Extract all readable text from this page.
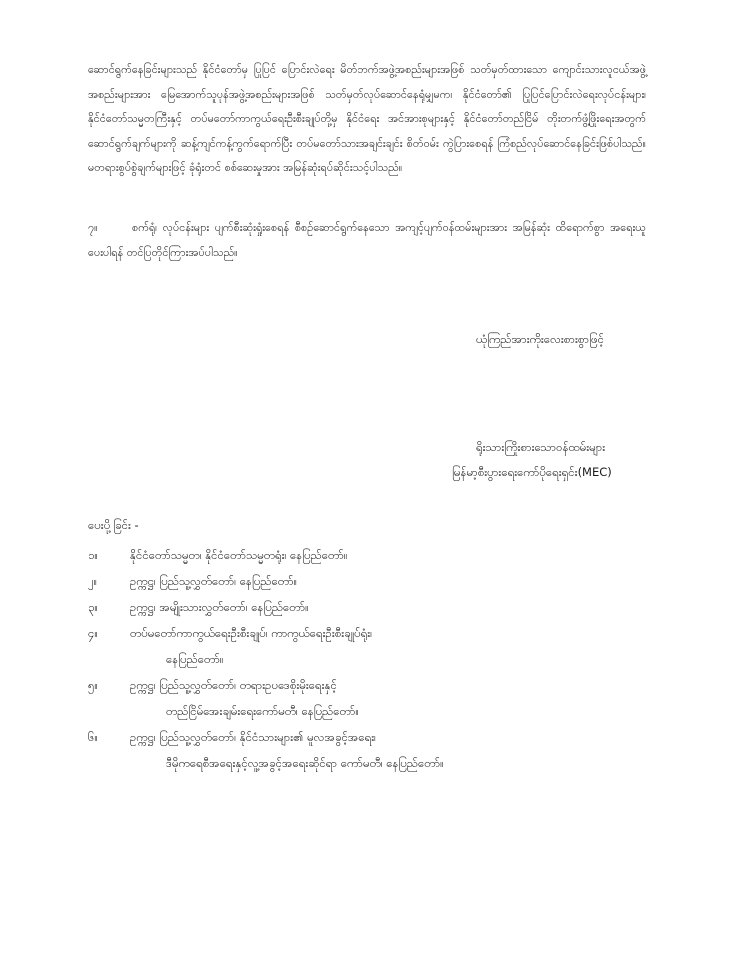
ဆောင်ရွက်နေခြင်းများသည် နိုင်ငံတော်မှ ပြုပြင် ပြောင်းလဲရေး မိတ်ဘက်အဖွဲ့အစည်းများအဖြစ် သတ်မှတ်ထားသော ကျောင်းသားလူငယ်အဖွဲ့အစည်းများအား မြေအောက်သူပုန်အဖွဲ့အစည်းများအဖြစ် သတ်မှတ်လုပ်ဆောင်နေရုံမျှမက၊ နိုင်ငံတော်၏ ပြုပြင်ပြောင်းလဲရေးလုပ်ငန်းများ၊ နိုင်ငံတော်သမ္မတကြီးနှင့် တပ်မတော်ကာကွယ်ရေးဦးစီးချုပ်တို့မှ နိုင်ငံရေး အင်အားစုများနှင့် နိုင်ငံတော်တည်ငြိမ် တိုးတက်ဖွံ့ဖြိုးရေးအတွက် ဆောင်ရွက်ချက်များကို ဆန့်ကျင်ကန့်ကွက်ရောက်ပြီး တပ်မတော်သားအချင်းချင်း စိတ်ဝမ်း ကွဲပြားစေရန် ကြံစည်လုပ်ဆောင်နေခြင်းဖြစ်ပါသည်။ မတရားစွပ်စွဲချက်များဖြင့် ခုံရုံးတင် စစ်ဆေးမှုအား အမြန်ဆုံးရပ်ဆိုင်းသင့်ပါသည်။

၇။	စက်ရုံ၊ လုပ်ငန်းများ ပျက်စီးဆုံးရှုံးစေရန် စီစဉ်ဆောင်ရွက်နေသော အကျင့်ပျက်ဝန်ထမ်းများအား အမြန်ဆုံး ထိရောက်စွာ အရေးယူပေးပါရန် တင်ပြတိုင်ကြားအပ်ပါသည်။

ယုံကြည်အားကိုးလေးစားစွာဖြင့်

ရိုးသားကြိုးစားသောဝန်ထမ်းများ

မြန်မာ့စီးပွားရေးကော်ပိုရေးရှင်း(MEC)

ပေးပို့ခြင်း -

၁။	နိုင်ငံတော်သမ္မတ၊ နိုင်ငံတော်သမ္မတရုံး၊ နေပြည်တော်။
၂။	ဥက္ကဋ္ဌ၊ ပြည်သူ့လွှတ်တော်၊ နေပြည်တော်။
၃။	ဥက္ကဋ္ဌ၊ အမျိုးသားလွှတ်တော်၊ နေပြည်တော်။
၄။	တပ်မတော်ကာကွယ်ရေးဦးစီးချုပ်၊ ကာကွယ်ရေးဦးစီးချုပ်ရုံး၊
နေပြည်တော်။
၅။	ဥက္ကဋ္ဌ၊ ပြည်သူ့လွှတ်တော်၊ တရားဥပဒေစိုးမိုးရေးနှင့်
တည်ငြိမ်အေးချမ်းရေးကော်မတီ၊ နေပြည်တော်။
၆။	ဥက္ကဋ္ဌ၊ ပြည်သူ့လွှတ်တော်၊ နိုင်ငံသားများ၏ မူလအခွင့်အရေး၊
ဒီမိုကရေစီအရေးနှင့်လူ့အခွင့်အရေးဆိုင်ရာ ကော်မတီ၊ နေပြည်တော်။
